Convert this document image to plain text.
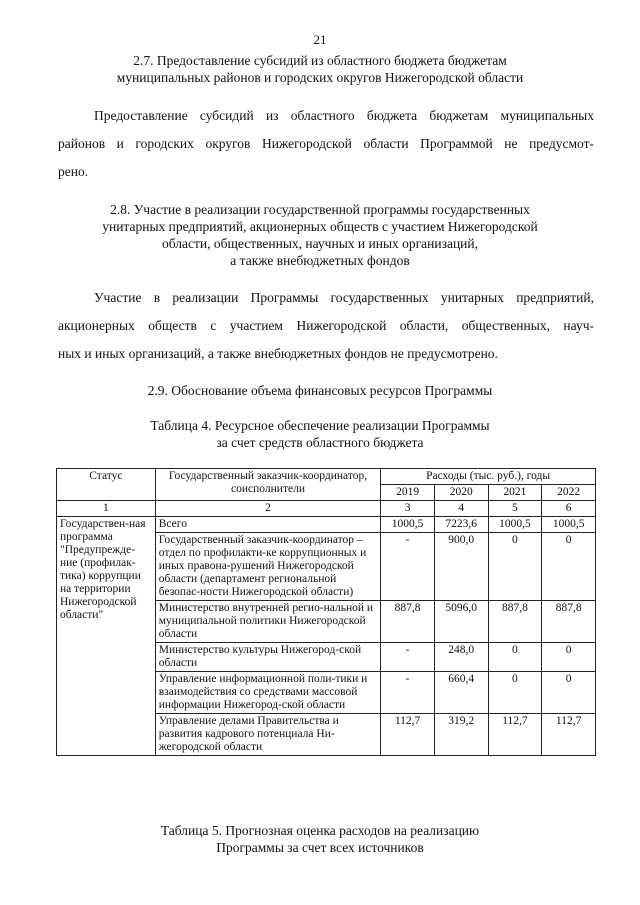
21
2.7. Предоставление субсидий из областного бюджета бюджетам
муниципальных районов и городских округов Нижегородской области
Предоставление субсидий из областного бюджета бюджетам муниципальных
районов и городских округов Нижегородской области Программой не предусмот-
рено.
2.8. Участие в реализации государственной программы государственных
унитарных предприятий, акционерных обществ с участием Нижегородской
области, общественных, научных и иных организаций,
а также внебюджетных фондов
Участие в реализации Программы государственных унитарных предприятий,
акционерных обществ с участием Нижегородской области, общественных, науч-
ных и иных организаций, а также внебюджетных фондов не предусмотрено.
2.9. Обоснование объема финансовых ресурсов Программы
Таблица 4. Ресурсное обеспечение реализации Программы
за счет средств областного бюджета
Статус	Государственный заказчик-координатор, соисполнители	Расходы (тыс. руб.), годы			
		2019	2020	2021	2022
1	2	3	4	5	6
Государствен-ная программа "Предупрежде-ние (профилак-тика) коррупции на территории Нижегородской области"	Всего	1000,5	7223,6	1000,5	1000,5
	Государственный заказчик-координатор – отдел по профилакти-ке коррупционных и иных правона-рушений Нижегородской области (департамент региональной безопас-ности Нижегородской области)	-	900,0	0	0
	Министерство внутренней регио-нальной и муниципальной политики Нижегородской области	887,8	5096,0	887,8	887,8
	Министерство культуры Нижегород-ской области	-	248,0	0	0
	Управление информационной поли-тики и взаимодействия со средствами массовой информации Нижегород-ской области	-	660,4	0	0
	Управление делами Правительства и развития кадрового потенциала Ни-жегородской области	112,7	319,2	112,7	112,7
Таблица 5. Прогнозная оценка расходов на реализацию
Программы за счет всех источников
